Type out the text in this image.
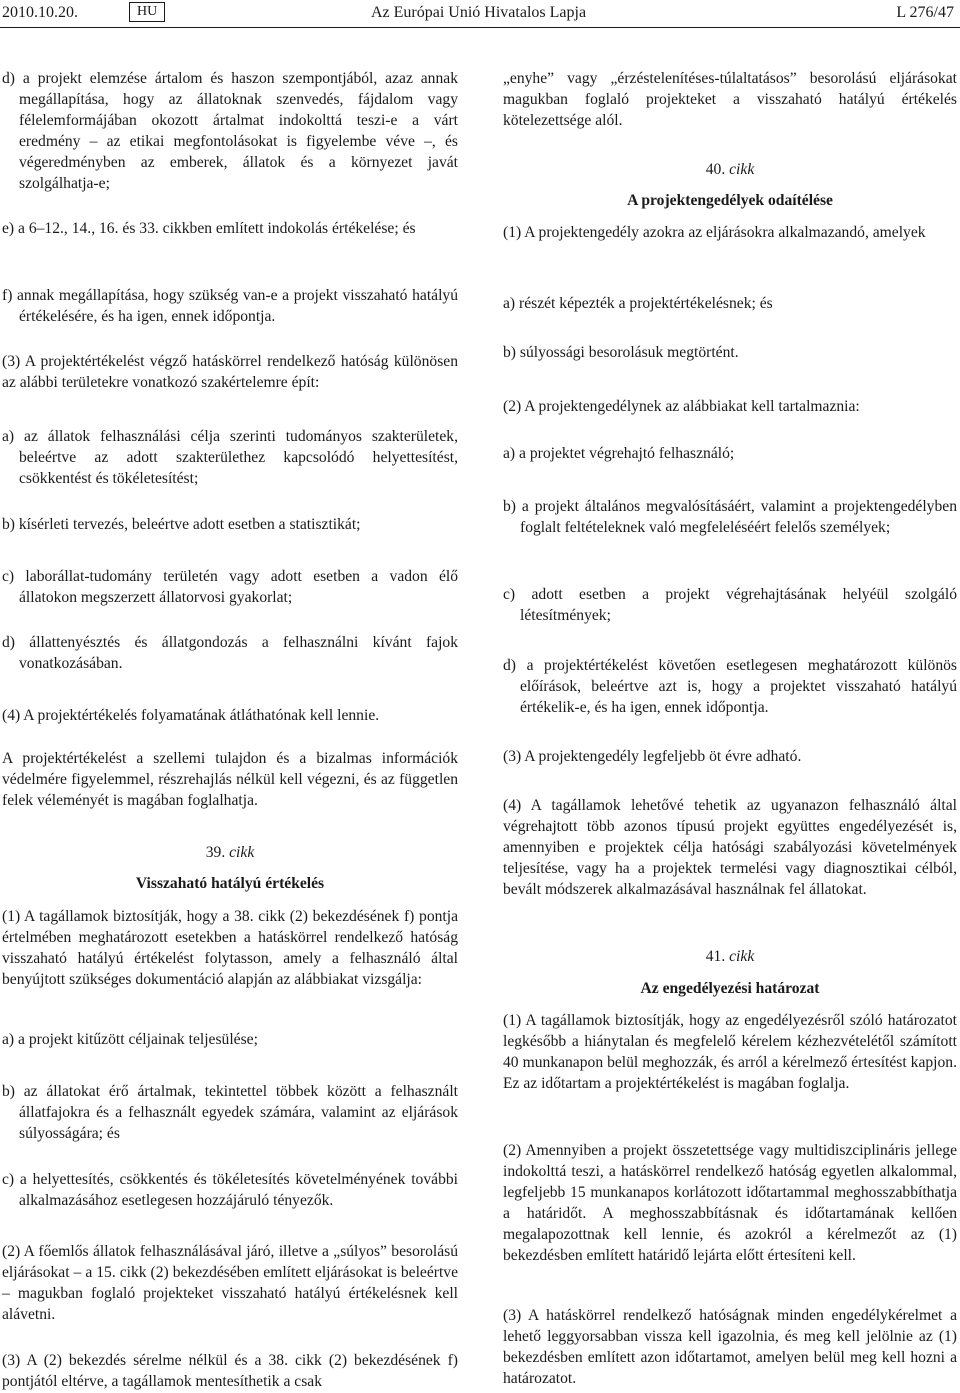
2010.10.20.	HU	Az Európai Unió Hivatalos Lapja	L 276/47

d) a projekt elemzése ártalom és haszon szempontjából, azaz annak megállapítása, hogy az állatoknak szenvedés, fájdalom vagy félelemformájában okozott ártalmat indokolttá teszi-e a várt eredmény – az etikai megfontolásokat is figyelembe véve –, és végeredményben az emberek, állatok és a környezet javát szolgálhatja-e;

e) a 6–12., 14., 16. és 33. cikkben említett indokolás értékelése; és

f) annak megállapítása, hogy szükség van-e a projekt visszaható hatályú értékelésére, és ha igen, ennek időpontja.

(3) A projektértékelést végző hatáskörrel rendelkező hatóság különösen az alábbi területekre vonatkozó szakértelemre épít:

a) az állatok felhasználási célja szerinti tudományos szakterületek, beleértve az adott szakterülethez kapcsolódó helyettesítést, csökkentést és tökéletesítést;

b) kísérleti tervezés, beleértve adott esetben a statisztikát;

c) laborállat-tudomány területén vagy adott esetben a vadon élő állatokon megszerzett állatorvosi gyakorlat;

d) állattenyésztés és állatgondozás a felhasználni kívánt fajok vonatkozásában.

(4) A projektértékelés folyamatának átláthatónak kell lennie.

A projektértékelést a szellemi tulajdon és a bizalmas információk védelmére figyelemmel, részrehajlás nélkül kell végezni, és az független felek véleményét is magában foglalhatja.

39. cikk
Visszaható hatályú értékelés

(1) A tagállamok biztosítják, hogy a 38. cikk (2) bekezdésének f) pontja értelmében meghatározott esetekben a hatáskörrel rendelkező hatóság visszaható hatályú értékelést folytasson, amely a felhasználó által benyújtott szükséges dokumentáció alapján az alábbiakat vizsgálja:

a) a projekt kitűzött céljainak teljesülése;

b) az állatokat érő ártalmak, tekintettel többek között a felhasznált állatfajokra és a felhasznált egyedek számára, valamint az eljárások súlyosságára; és

c) a helyettesítés, csökkentés és tökéletesítés követelményének további alkalmazásához esetlegesen hozzájáruló tényezők.

(2) A főemlős állatok felhasználásával járó, illetve a „súlyos” besorolású eljárásokat – a 15. cikk (2) bekezdésében említett eljárásokat is beleértve – magukban foglaló projekteket visszaható hatályú értékelésnek kell alávetni.

(3) A (2) bekezdés sérelme nélkül és a 38. cikk (2) bekezdésének f) pontjától eltérve, a tagállamok mentesíthetik a csak

„enyhe” vagy „érzéstelenítéses-túlaltatásos” besorolású eljárásokat magukban foglaló projekteket a visszaható hatályú értékelés kötelezettsége alól.

40. cikk
A projektengedélyek odaítélése

(1) A projektengedély azokra az eljárásokra alkalmazandó, amelyek

a) részét képezték a projektértékelésnek; és

b) súlyossági besorolásuk megtörtént.

(2) A projektengedélynek az alábbiakat kell tartalmaznia:

a) a projektet végrehajtó felhasználó;

b) a projekt általános megvalósításáért, valamint a projektengedélyben foglalt feltételeknek való megfeleléséért felelős személyek;

c) adott esetben a projekt végrehajtásának helyéül szolgáló létesítmények;

d) a projektértékelést követően esetlegesen meghatározott különös előírások, beleértve azt is, hogy a projektet visszaható hatályú értékelik-e, és ha igen, ennek időpontja.

(3) A projektengedély legfeljebb öt évre adható.

(4) A tagállamok lehetővé tehetik az ugyanazon felhasználó által végrehajtott több azonos típusú projekt együttes engedélyezését is, amennyiben e projektek célja hatósági szabályozási követelmények teljesítése, vagy ha a projektek termelési vagy diagnosztikai célból, bevált módszerek alkalmazásával használnak fel állatokat.

41. cikk
Az engedélyezési határozat

(1) A tagállamok biztosítják, hogy az engedélyezésről szóló határozatot legkésőbb a hiánytalan és megfelelő kérelem kézhezvételétől számított 40 munkanapon belül meghozzák, és arról a kérelmező értesítést kapjon. Ez az időtartam a projektértékelést is magában foglalja.

(2) Amennyiben a projekt összetettsége vagy multidiszciplináris jellege indokolttá teszi, a hatáskörrel rendelkező hatóság egyetlen alkalommal, legfeljebb 15 munkanapos korlátozott időtartammal meghosszabbíthatja a határidőt. A meghosszabbításnak és időtartamának kellően megalapozottnak kell lennie, és azokról a kérelmezőt az (1) bekezdésben említett határidő lejárta előtt értesíteni kell.

(3) A hatáskörrel rendelkező hatóságnak minden engedélykérelmet a lehető leggyorsabban vissza kell igazolnia, és meg kell jelölnie az (1) bekezdésben említett azon időtartamot, amelyen belül meg kell hozni a határozatot.
